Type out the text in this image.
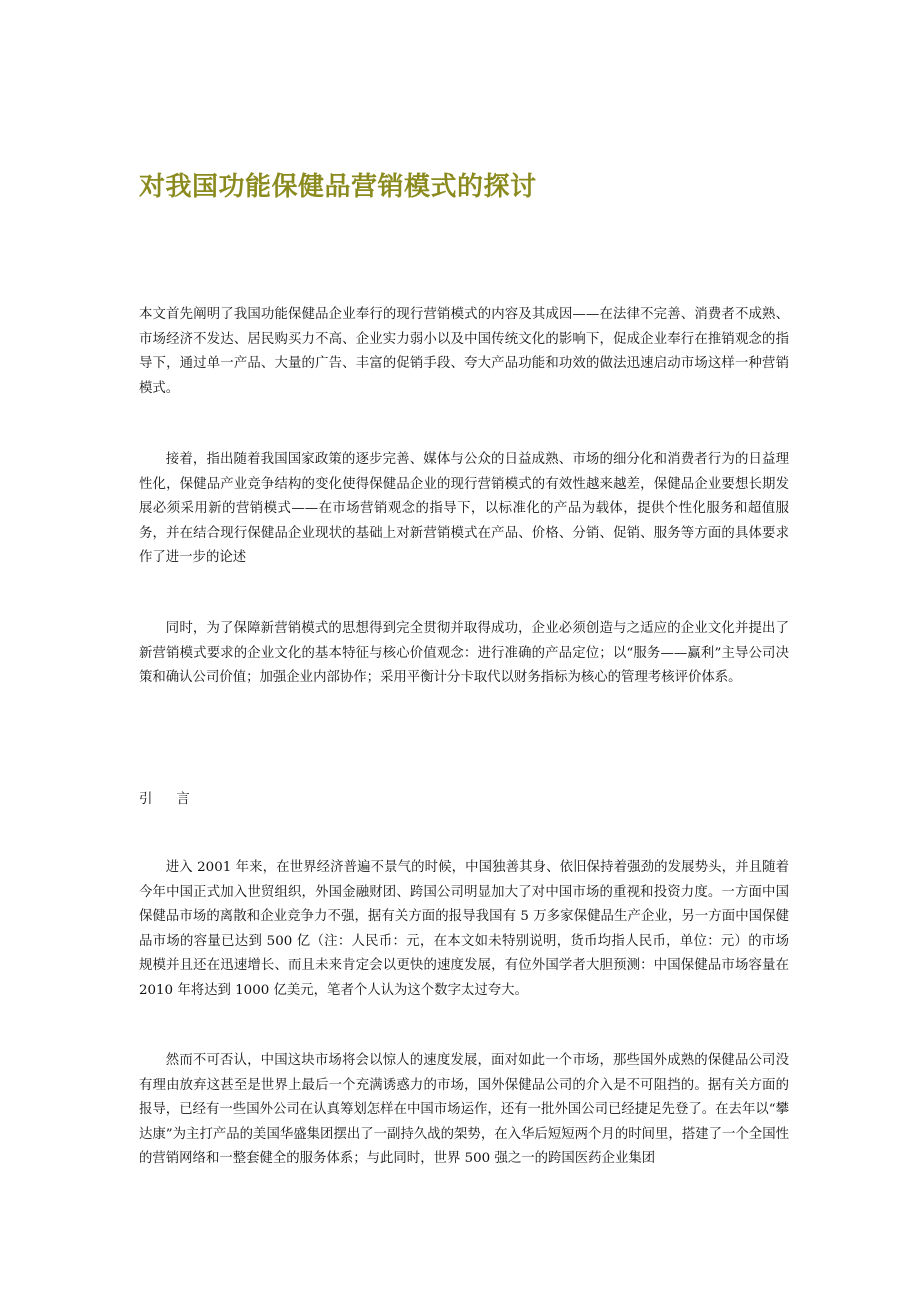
对我国功能保健品营销模式的探讨

本文首先阐明了我国功能保健品企业奉行的现行营销模式的内容及其成因——在法律不完善、消费者不成熟、市场经济不发达、居民购买力不高、企业实力弱小以及中国传统文化的影响下，促成企业奉行在推销观念的指导下，通过单一产品、大量的广告、丰富的促销手段、夸大产品功能和功效的做法迅速启动市场这样一种营销模式。

接着，指出随着我国国家政策的逐步完善、媒体与公众的日益成熟、市场的细分化和消费者行为的日益理性化，保健品产业竞争结构的变化使得保健品企业的现行营销模式的有效性越来越差，保健品企业要想长期发展必须采用新的营销模式——在市场营销观念的指导下，以标准化的产品为载体，提供个性化服务和超值服务，并在结合现行保健品企业现状的基础上对新营销模式在产品、价格、分销、促销、服务等方面的具体要求作了进一步的论述

同时，为了保障新营销模式的思想得到完全贯彻并取得成功，企业必须创造与之适应的企业文化并提出了新营销模式要求的企业文化的基本特征与核心价值观念：进行准确的产品定位；以“服务——赢利”主导公司决策和确认公司价值；加强企业内部协作；采用平衡计分卡取代以财务指标为核心的管理考核评价体系。

引言

进入 2001 年来，在世界经济普遍不景气的时候，中国独善其身、依旧保持着强劲的发展势头，并且随着今年中国正式加入世贸组织，外国金融财团、跨国公司明显加大了对中国市场的重视和投资力度。一方面中国保健品市场的离散和企业竞争力不强，据有关方面的报导我国有 5 万多家保健品生产企业，另一方面中国保健品市场的容量已达到 500 亿（注：人民币：元，在本文如未特别说明，货币均指人民币，单位：元）的市场规模并且还在迅速增长、而且未来肯定会以更快的速度发展，有位外国学者大胆预测：中国保健品市场容量在 2010 年将达到 1000 亿美元，笔者个人认为这个数字太过夸大。

然而不可否认，中国这块市场将会以惊人的速度发展，面对如此一个市场，那些国外成熟的保健品公司没有理由放弃这甚至是世界上最后一个充满诱惑力的市场，国外保健品公司的介入是不可阻挡的。据有关方面的报导，已经有一些国外公司在认真筹划怎样在中国市场运作，还有一批外国公司已经捷足先登了。在去年以“攀达康”为主打产品的美国华盛集团摆出了一副持久战的架势，在入华后短短两个月的时间里，搭建了一个全国性的营销网络和一整套健全的服务体系；与此同时，世界 500 强之一的跨国医药企业集团
